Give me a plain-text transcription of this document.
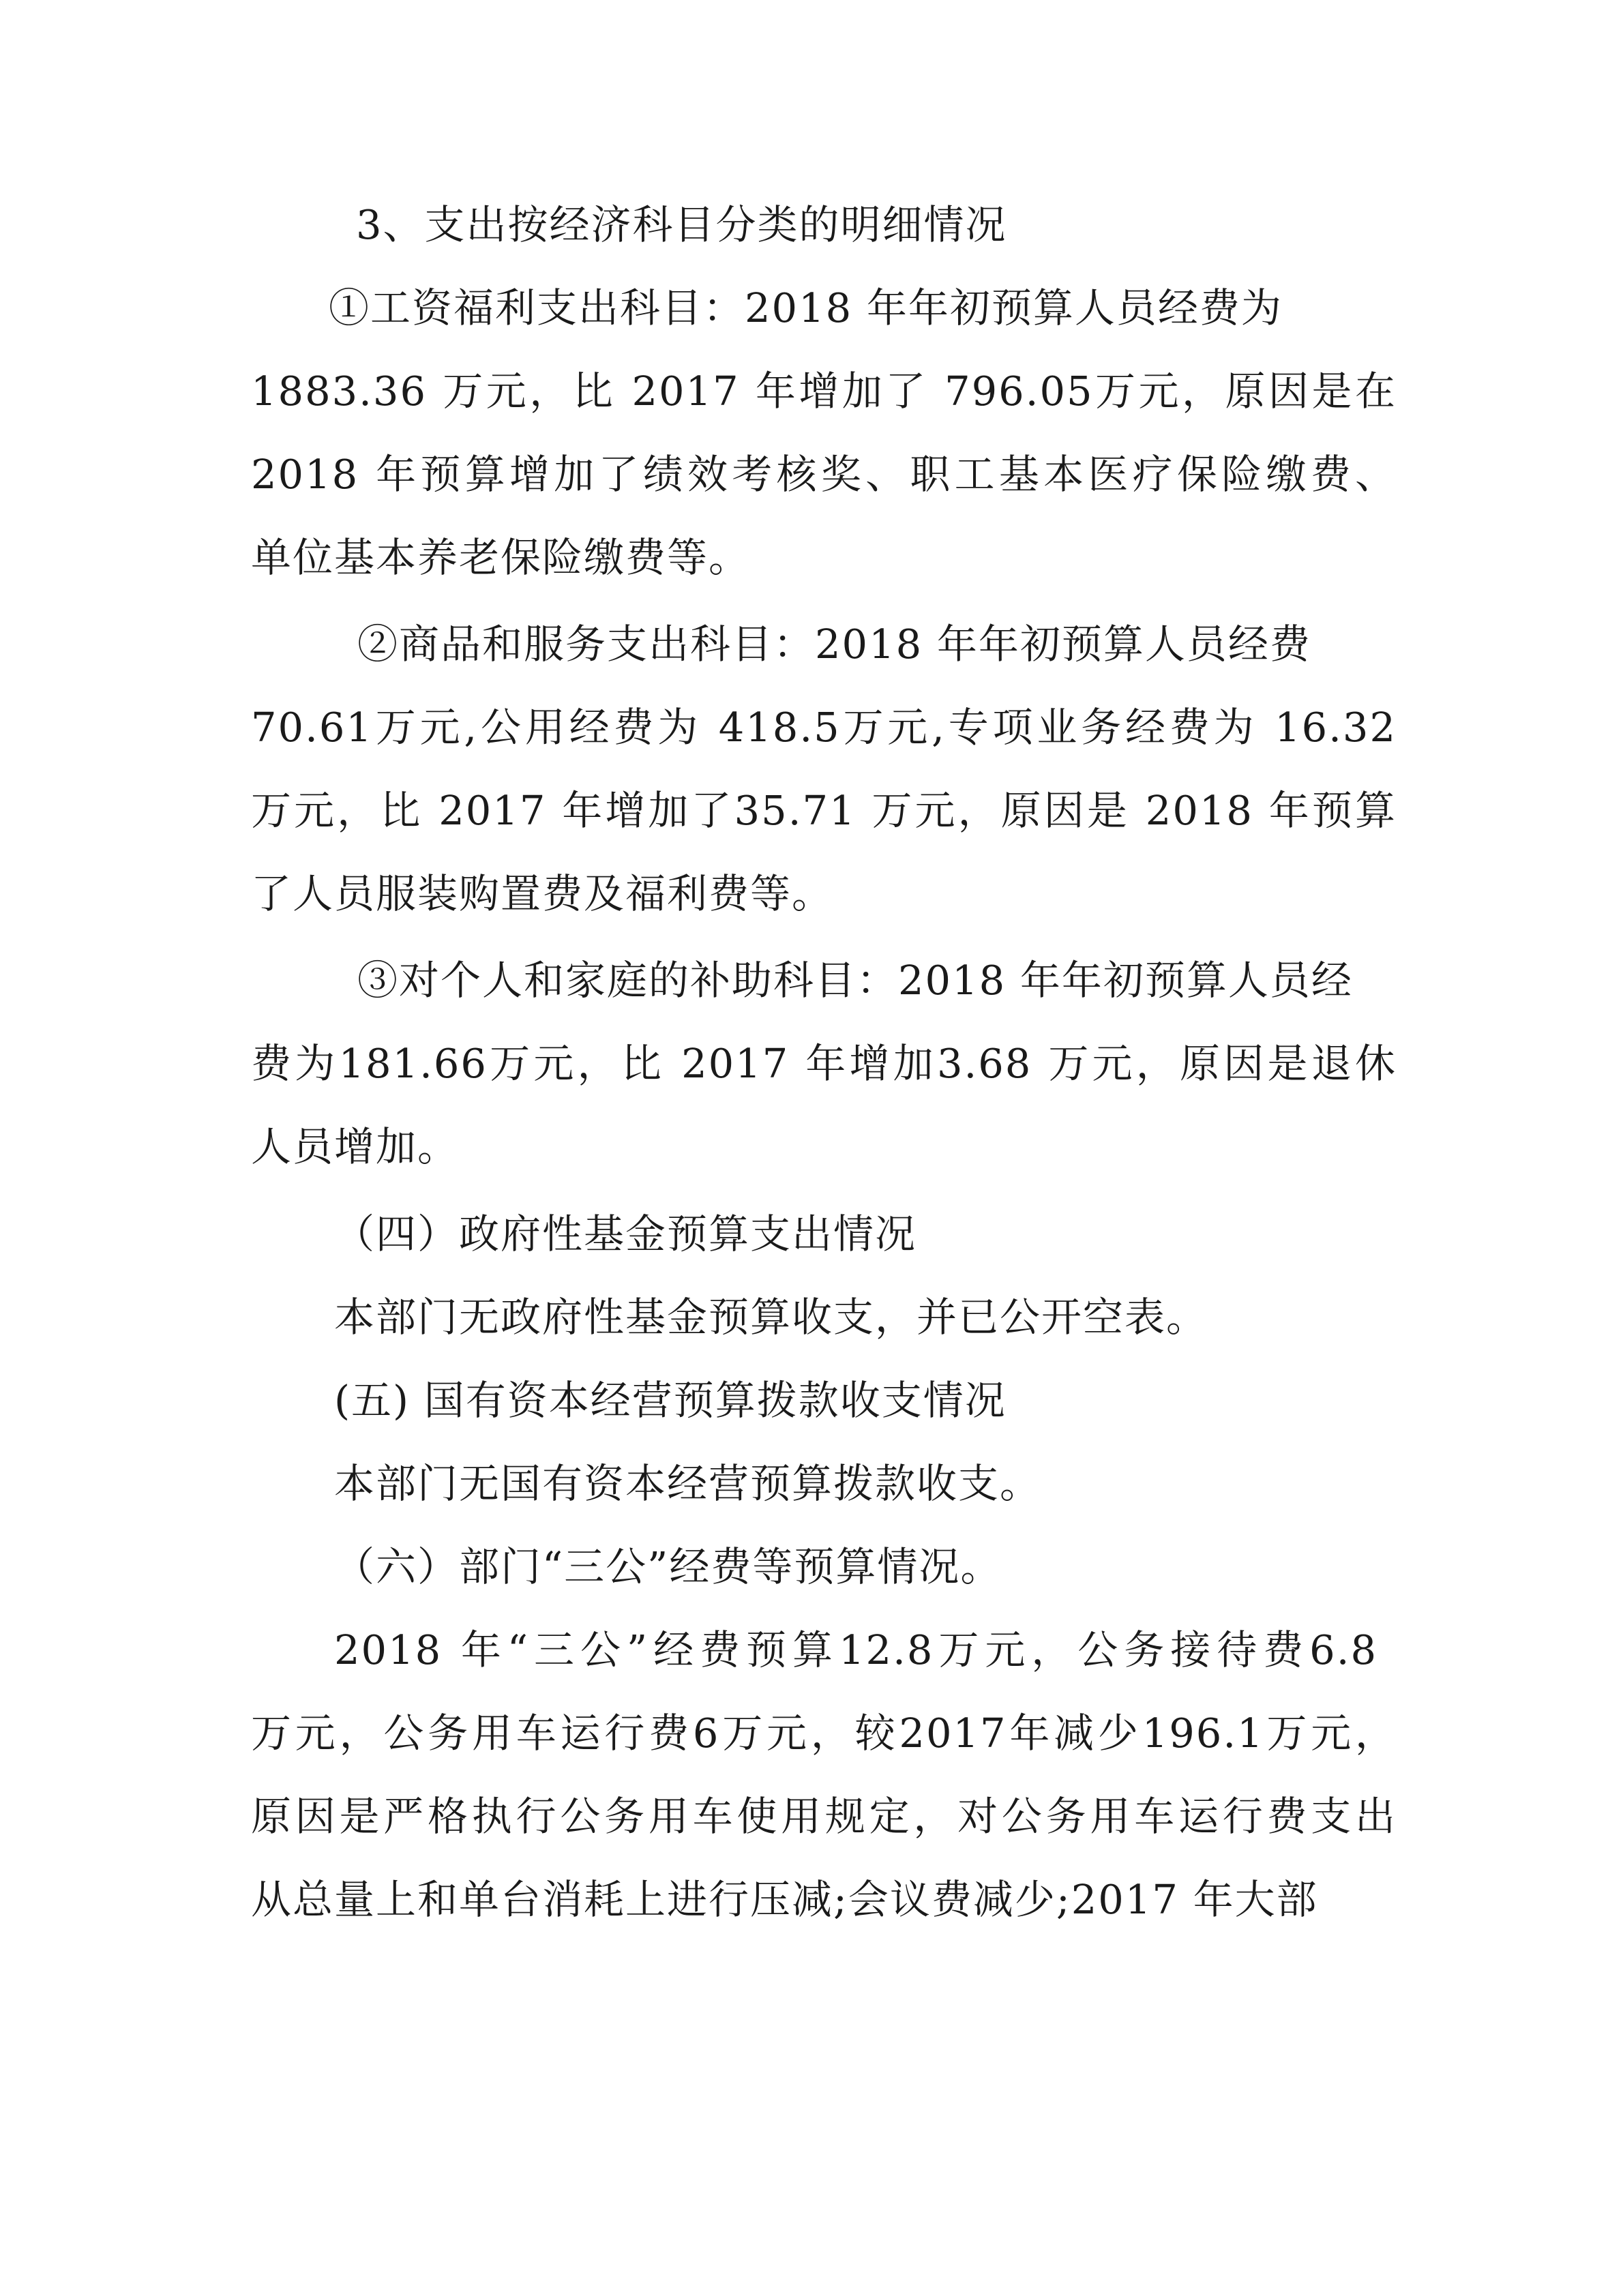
3、支出按经济科目分类的明细情况

①工资福利支出科目：2018 年年初预算人员经费为

1883.36 万元，比 2017 年增加了 796.05万元，原因是在

2018 年预算增加了绩效考核奖、职工基本医疗保险缴费、

单位基本养老保险缴费等。

②商品和服务支出科目：2018 年年初预算人员经费

70.61万元,公用经费为 418.5万元,专项业务经费为 16.32

万元，比 2017 年增加了35.71 万元，原因是 2018 年预算

了人员服装购置费及福利费等。

③对个人和家庭的补助科目：2018 年年初预算人员经

费为181.66万元，比 2017 年增加3.68 万元，原因是退休

人员增加。

（四）政府性基金预算支出情况

本部门无政府性基金预算收支，并已公开空表。

(五) 国有资本经营预算拨款收支情况

本部门无国有资本经营预算拨款收支。

（六）部门“三公”经费等预算情况。

2018 年“三公”经费预算12.8万元，公务接待费6.8

万元，公务用车运行费6万元，较2017年减少196.1万元，

原因是严格执行公务用车使用规定，对公务用车运行费支出

从总量上和单台消耗上进行压减;会议费减少;2017 年大部
